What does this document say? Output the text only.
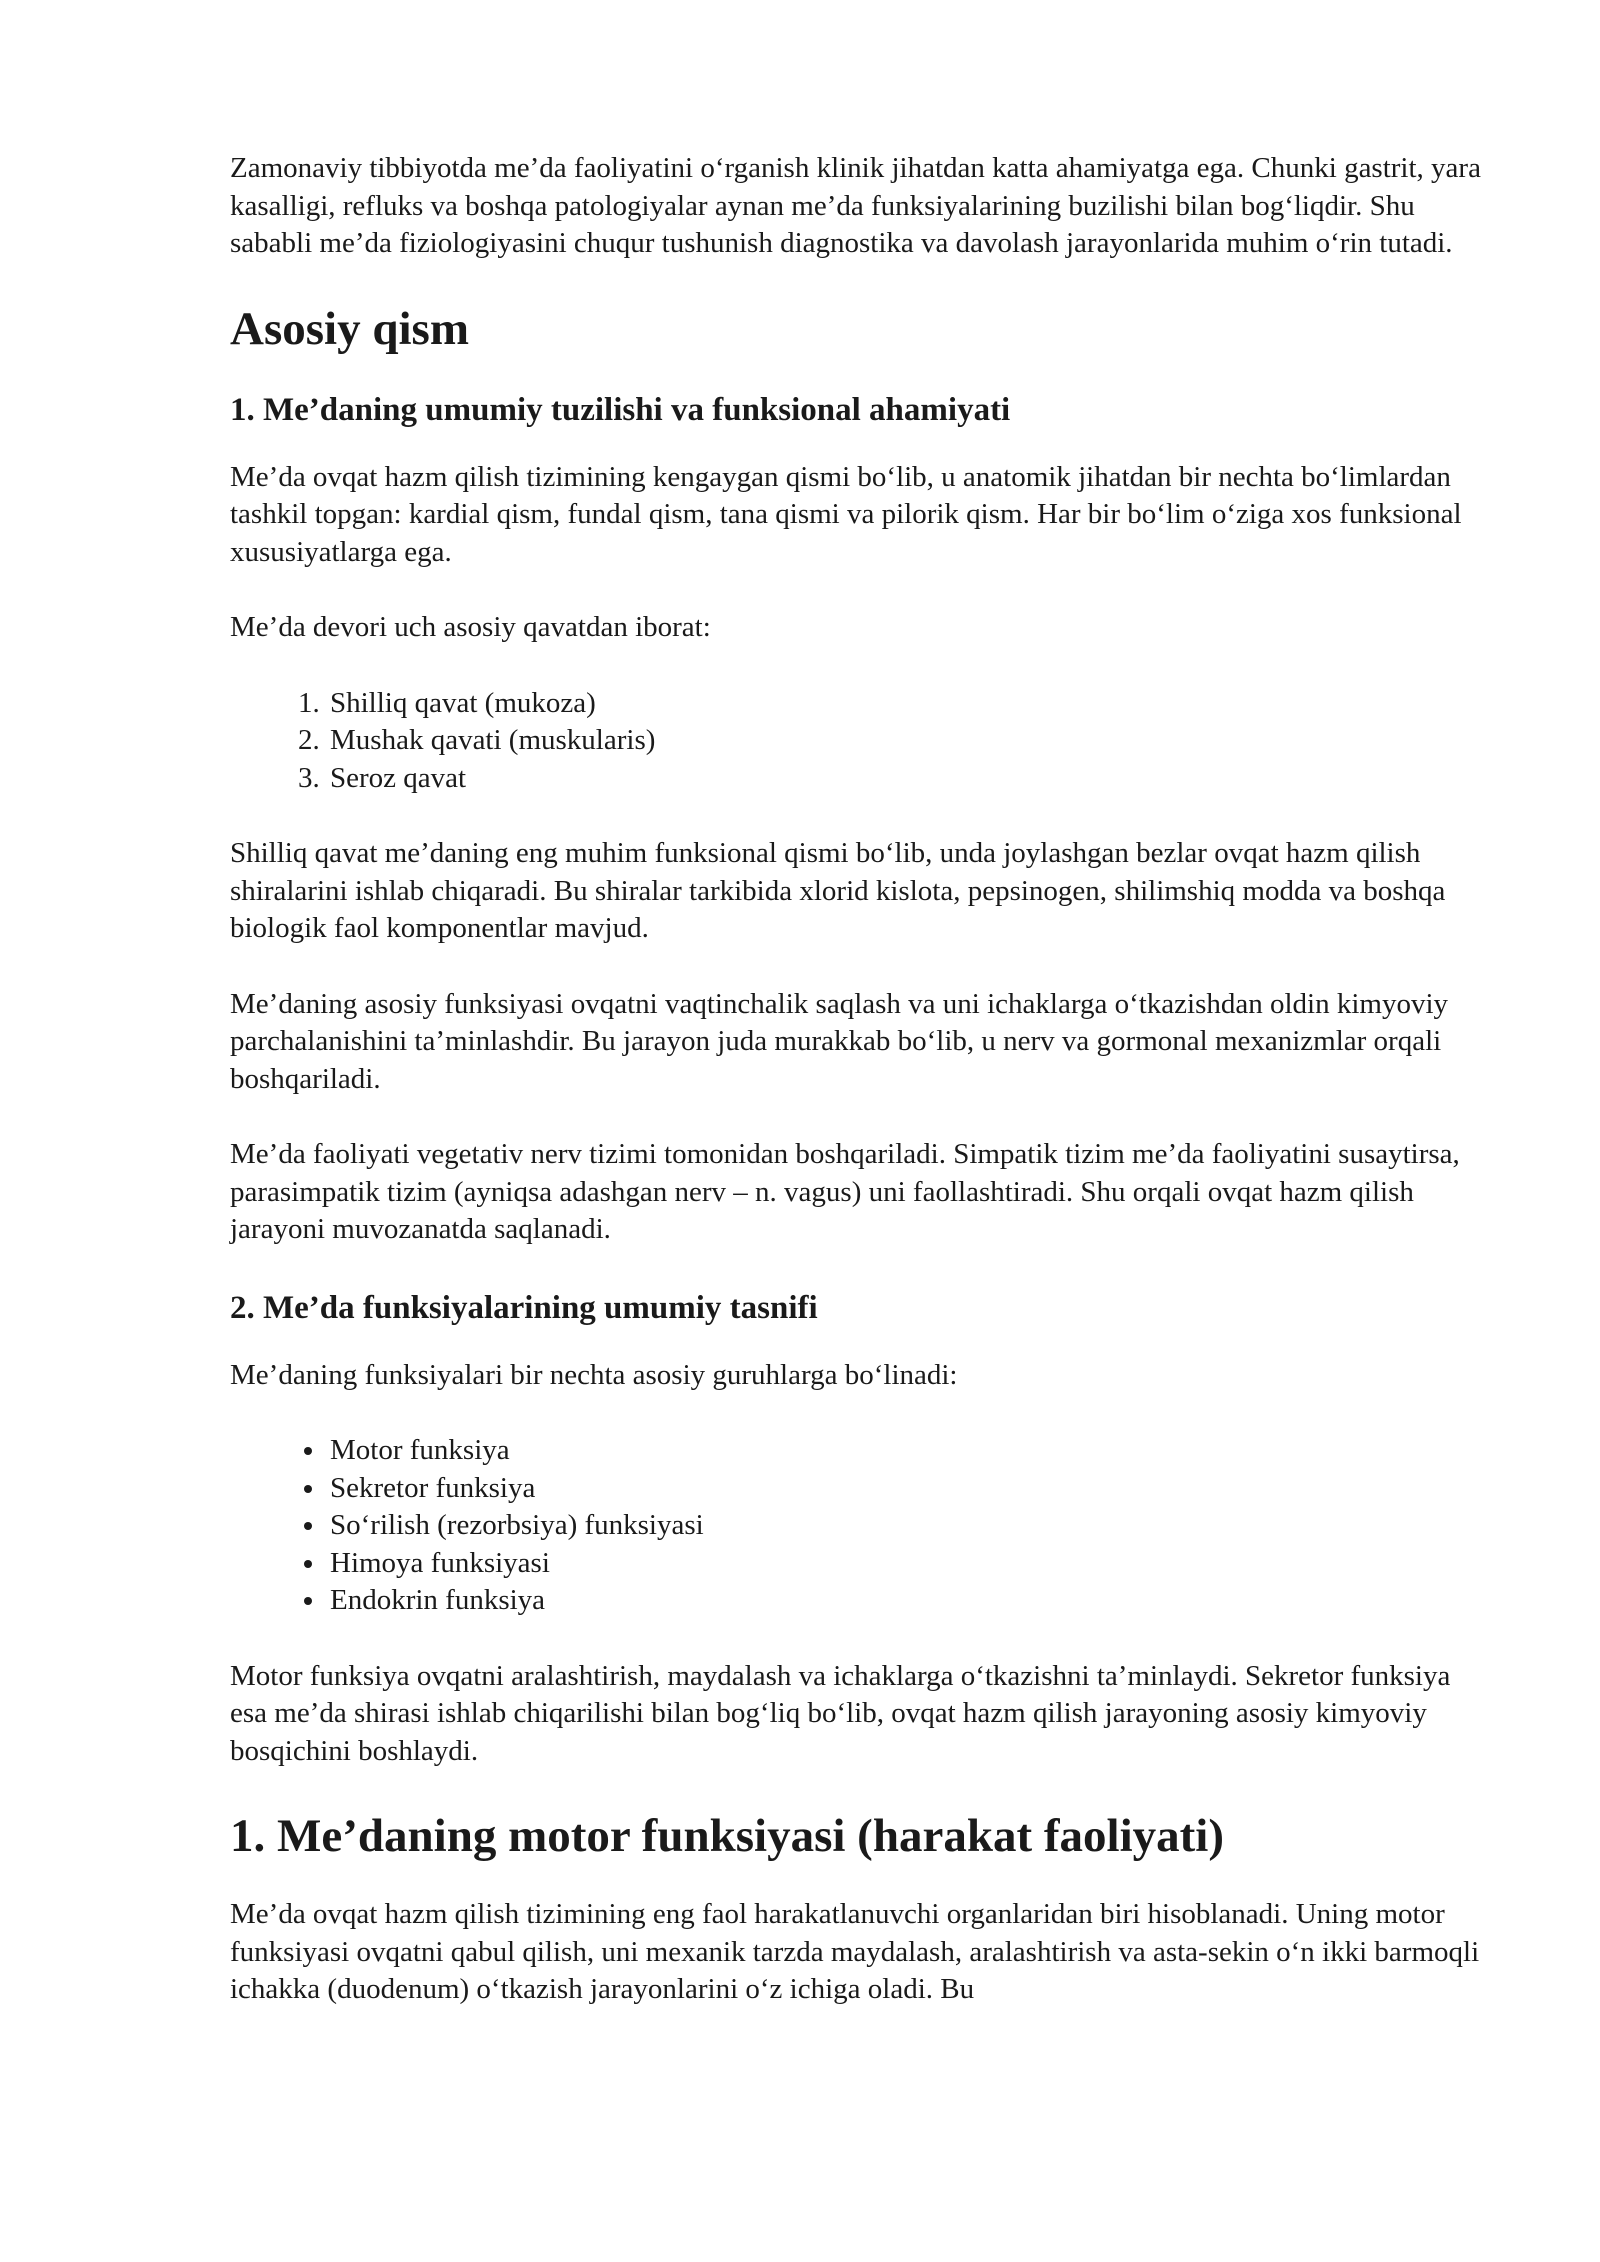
Zamonaviy tibbiyotda me’da faoliyatini o‘rganish klinik jihatdan katta ahamiyatga ega. Chunki gastrit, yara kasalligi, refluks va boshqa patologiyalar aynan me’da funksiyalarining buzilishi bilan bog‘liqdir. Shu sababli me’da fiziologiyasini chuqur tushunish diagnostika va davolash jarayonlarida muhim o‘rin tutadi.

Asosiy qism
1. Me’daning umumiy tuzilishi va funksional ahamiyati

Me’da ovqat hazm qilish tizimining kengaygan qismi bo‘lib, u anatomik jihatdan bir nechta bo‘limlardan tashkil topgan: kardial qism, fundal qism, tana qismi va pilorik qism. Har bir bo‘lim o‘ziga xos funksional xususiyatlarga ega.

Me’da devori uch asosiy qavatdan iborat:

1. Shilliq qavat (mukoza)
2. Mushak qavati (muskularis)
3. Seroz qavat

Shilliq qavat me’daning eng muhim funksional qismi bo‘lib, unda joylashgan bezlar ovqat hazm qilish shiralarini ishlab chiqaradi. Bu shiralar tarkibida xlorid kislota, pepsinogen, shilimshiq modda va boshqa biologik faol komponentlar mavjud.

Me’daning asosiy funksiyasi ovqatni vaqtinchalik saqlash va uni ichaklarga o‘tkazishdan oldin kimyoviy parchalanishini ta’minlashdir. Bu jarayon juda murakkab bo‘lib, u nerv va gormonal mexanizmlar orqali boshqariladi.

Me’da faoliyati vegetativ nerv tizimi tomonidan boshqariladi. Simpatik tizim me’da faoliyatini susaytirsa, parasimpatik tizim (ayniqsa adashgan nerv – n. vagus) uni faollashtiradi. Shu orqali ovqat hazm qilish jarayoni muvozanatda saqlanadi.

2. Me’da funksiyalarining umumiy tasnifi

Me’daning funksiyalari bir nechta asosiy guruhlarga bo‘linadi:

• Motor funksiya
• Sekretor funksiya
• So‘rilish (rezorbsiya) funksiyasi
• Himoya funksiyasi
• Endokrin funksiya

Motor funksiya ovqatni aralashtirish, maydalash va ichaklarga o‘tkazishni ta’minlaydi. Sekretor funksiya esa me’da shirasi ishlab chiqarilishi bilan bog‘liq bo‘lib, ovqat hazm qilish jarayoning asosiy kimyoviy bosqichini boshlaydi.

1. Me’daning motor funksiyasi (harakat faoliyati)

Me’da ovqat hazm qilish tizimining eng faol harakatlanuvchi organlaridan biri hisoblanadi. Uning motor funksiyasi ovqatni qabul qilish, uni mexanik tarzda maydalash, aralashtirish va asta-sekin o‘n ikki barmoqli ichakka (duodenum) o‘tkazish jarayonlarini o‘z ichiga oladi. Bu
